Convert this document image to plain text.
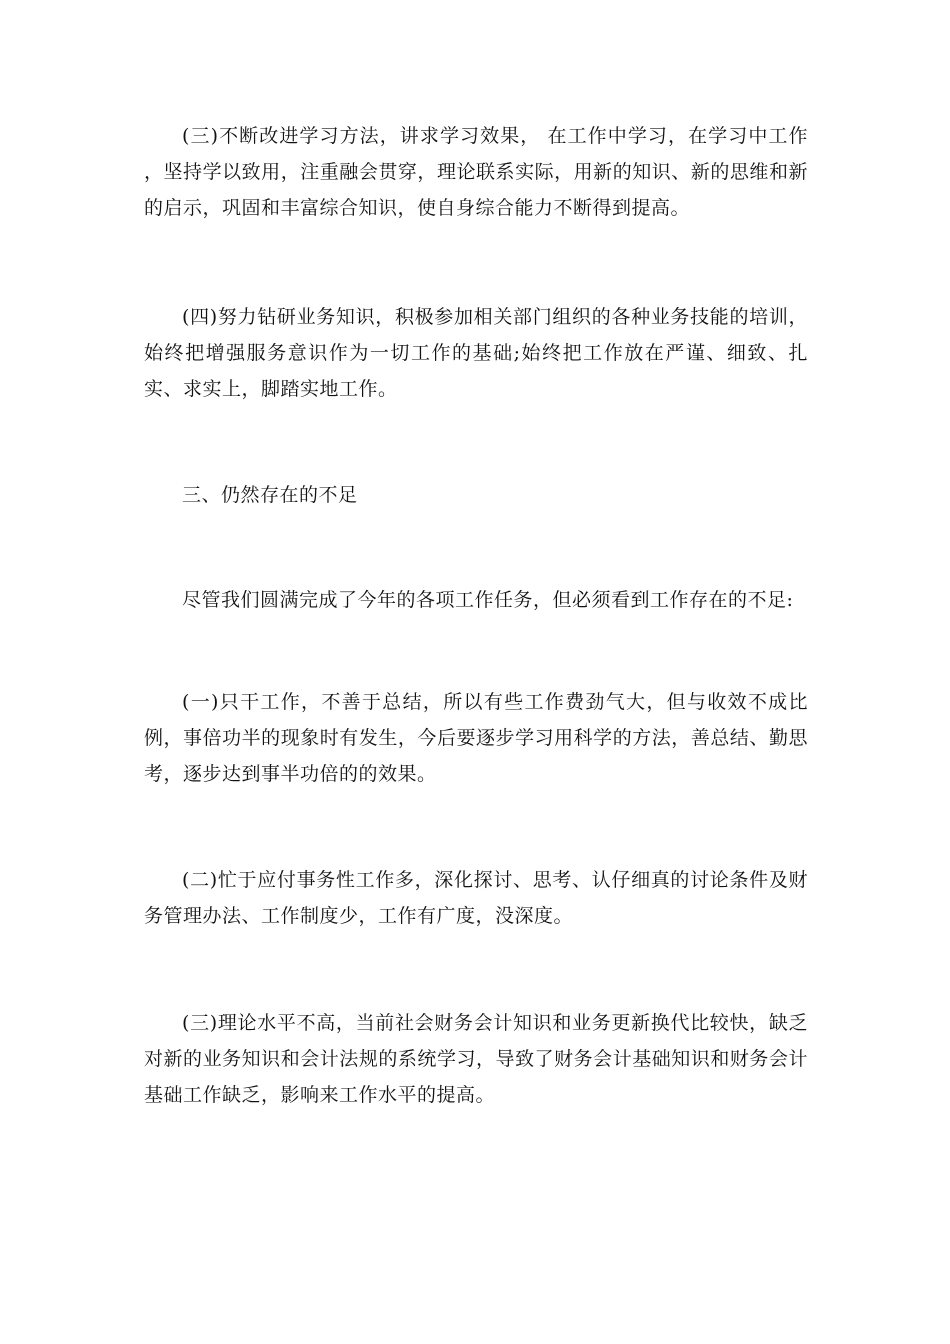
(三)不断改进学习方法，讲求学习效果， 在工作中学习，在学习中工作 ，坚持学以致用，注重融会贯穿，理论联系实际，用新的知识、新的思维和新的启示，巩固和丰富综合知识，使自身综合能力不断得到提高。

(四)努力钻研业务知识，积极参加相关部门组织的各种业务技能的培训，始终把增强服务意识作为一切工作的基础;始终把工作放在严谨、细致、扎实、求实上，脚踏实地工作。

三、仍然存在的不足

尽管我们圆满完成了今年的各项工作任务，但必须看到工作存在的不足:

(一)只干工作，不善于总结，所以有些工作费劲气大，但与收效不成比例，事倍功半的现象时有发生，今后要逐步学习用科学的方法，善总结、勤思考，逐步达到事半功倍的的效果。

(二)忙于应付事务性工作多，深化探讨、思考、认仔细真的讨论条件及财务管理办法、工作制度少，工作有广度，没深度。

(三)理论水平不高，当前社会财务会计知识和业务更新换代比较快，缺乏对新的业务知识和会计法规的系统学习，导致了财务会计基础知识和财务会计基础工作缺乏，影响来工作水平的提高。
